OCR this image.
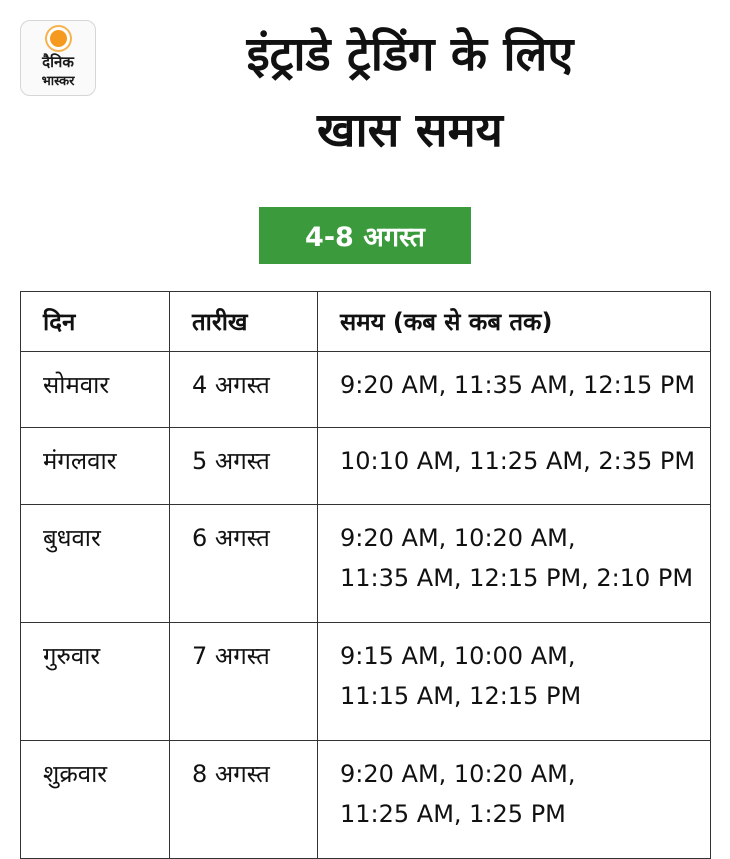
दैनिक
भास्कर	इंट्राडे ट्रेडिंग के लिए
खास समय
4-8 अगस्त
दिन	तारीख	समय (कब से कब तक)
सोमवार	4 अगस्त	9:20 AM, 11:35 AM, 12:15 PM

मंगलवार	5 अगस्त	10:10 AM, 11:25 AM, 2:35 PM

बुधवार	6 अगस्त	9:20 AM, 10:20 AM,
11:35 AM, 12:15 PM, 2:10 PM

गुरुवार	7 अगस्त	9:15 AM, 10:00 AM,
11:15 AM, 12:15 PM

शुक्रवार	8 अगस्त	9:20 AM, 10:20 AM,
11:25 AM, 1:25 PM
